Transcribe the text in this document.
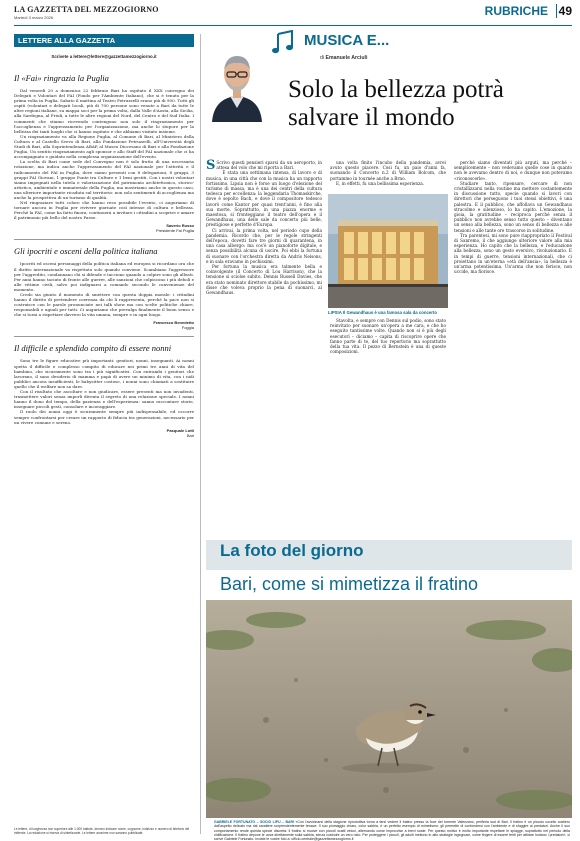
LA GAZZETTA DEL MEZZOGIORNO
Martedì 3 marzo 2026	RUBRICHE 49
LETTERE ALLA GAZZETTA
Scrivete a lettere@lettere@gazzettamezzogiorno.it
Il «Fai» ringrazia la Puglia

Dal venerdì 20 a domenica 22 febbraio Bari ha ospitato il XXX convegno dei Delegati e Volontari del FAI (Fondo per l'Ambiente Italiano), che si è tenuto per la prima volta in Puglia. Sabato il mattina al Teatro Petruzzelli erano più di 900. Tutti gli ospiti (volontari e delegati locali, più di 700 persone sono venute a Bari da tutte le altre regioni italiane, su mappa soci per la prima volta, dalla Valle d'Aosta, alla Sicilia, alla Sardegna, al Friuli, a tutte le altre regioni del Nord, del Centro e del Sud Italia. I commenti che stiamo ricevendo contengono non solo il ringraziamento per l'accoglienza e l'apprezzamento per l'organizzazione, ma anche lo stupore per la bellezza dei tanti luoghi che ci hanno ospitato e che abbiamo visitato insieme.

Un ringraziamento va alla Regione Puglia, al Comune di Bari, al Ministero della Cultura e al Castello Svevo di Bari, alla Fondazione Petruzzelli, all'Università degli Studi di Bari, alla Soprintendenza ABAP, al Museo Diocesano di Bari e alla Fondazione Puglia. Un sentito ringraziamento agli sponsor e allo Staff del FAI nazionale che ci ha accompagnato e guidato nella complessa organizzazione dell'evento.

La scelta di Bari come sede del Convegno non è solo frutto di una necessaria rotazione, ma indica anche l'apprezzamento del FAI nazionale per l'attività e il radicamento del FAI in Puglia, dove siamo presenti con 8 delegazioni, 8 gruppi, 3 gruppi FAI Giovani, 1 gruppo Ponte tra Culture e 1 beni gestiti. Con i nostri volontari siamo impegnati nella tutela e valorizzazione del patrimonio architettonico, storico-artistico, ambientale e immateriale della Puglia, ma mostriamo anche in questo caso, una ulteriore importante ricaduta sul territorio: non solo sentimenti di accoglienza ma anche la prospettiva di un turismo di qualità.

Nel ringraziare tutti coloro che hanno reso possibile l'evento, ci auguriamo di tornare ancora in Puglia per rivivere giornate così intense di cultura e bellezza. Perché la FAI, come ha fatto finora, continuerà a invitare i cittadini a scoprire e amare il patrimonio più bello del nostro Paese.

Saverio Russo
Presidente Fai Puglia
Gli ipocriti e osceni della politica italiana

Ipocriti ed osceni personaggi della politica italiana ed europea si ricordano ora che il diritto internazionale va rispettato solo quando conviene. Scambiano l'aggressore per l'aggredito, condannano chi si difende e tacciono quando a colpire sono gli alleati. Per anni hanno taciuto di fronte alle guerre, alle sanzioni che colpiscono i più deboli e alle vittime civili, salvo poi indignarsi a comando secondo le convenienze del momento.

Credo sia giunto il momento di smettere con questa doppia morale: i cittadini hanno il diritto di pretendere coerenza da chi li rappresenta, perché la pace non si costruisce con le parole pronunciate nei talk show ma con scelte politiche chiare, responsabili e uguali per tutti. Ci auguriamo che prevalga finalmente il buon senso e che si torni a rispettare davvero la vita umana, sempre e in ogni luogo.

Francesco Benedetto
Foggia
Il difficile e splendido compito di essere nonni

Sono tre le figure educative più importanti: genitori, nonni, insegnanti. Ai nonni spetta il difficile e complesso compito di educare nei primi tre anni di vita del bambino, che sicuramente sono tra i più significativi. Con entrambi i genitori che lavorano, il sano desiderio di mamma e papà di avere un minimo di vita, con i nidi pubblici ancora insufficienti, le babysitter costose, i nonni sono chiamati a sostituire quello che il welfare non sa dare.

Con il risultato che ascoltare e non giudicare, essere presenti ma non invadenti, trasmettere valori senza imporli diventa il segreto di una relazione speciale. I nonni hanno il dono del tempo, della pazienza e dell'esperienza: sanno raccontare storie, insegnare piccoli gesti, consolare e incoraggiare.

Il ruolo dei nonni oggi è sicuramente sempre più indispensabile, ed occorre sempre confrontarsi per creare un rapporto di fiducia tra generazioni, necessario per un vivere comune e sereno.

Pasquale Lotti
Bari
Le lettere, di lunghezza non superiore alle 1.000 battute, devono indicare nome, cognome, indirizzo e numero di telefono del mittente. La redazione si riserva di sintetizzarle. Le lettere anonime non saranno pubblicate.
MUSICA E...
di Emanuele Arciuli
Solo la bellezza potrà
salvare il mondo

S Scrivo questi pensieri sparsi da un aeroporto, in attesa del volo che mi riporta a Bari.

È stata una settimana intensa, di lavoro e di musica, in una città che con la musica ha un rapporto fortissimo. Lipsia non è forse un luogo d'elezione del turismo di massa, ma è una dei centri della cultura tedesca per eccellenza: la leggendaria Thomaskirche, dove è sepolto Bach, e dove il compositore tedesco lavorò come Kantor per quasi trent'anni, è fino alla sua morte. Soprattutto, in una piazza enorme e maestosa, si fronteggiano il teatro dell'opera e il Gewandhaus, una delle sale da concerto più belle, prestigiose e perfette d'Europa.

Ci arrivai, la prima volta, nel periodo cupo della pandemia. Ricordo che, per le regole stringenti dell'epoca, dovetti fare tre giorni di quarantena, in una casa albergo: ma cos'è un pianoforte digitale, e senza possibilità alcuna di uscire. Poi ebbi la fortuna di suonare con l'orchestra diretta da Andris Nelsons, e in sala eravamo in pochissimi.

Per fortuna la musica era talmente bella e coinvolgente (il Concerto di Lou Harrison), che la tensione si sciolse subito. Dennis Russell Davies, che era stato nominato direttore stabile da pochissimo, mi disse che voleva proprio la pena di suonarci, al Gewandhaus.

una volta finito l'incubo della pandemia, avrei avuto questo piacere. Così fu, un paio d'anni fa, suonando il Concerto n.2 di William Bolcom, che portammo in tournée anche a Brno.

E, in effetti, fu una bellissima esperienza.

LIPSIA Il Gewandhaus è una famosa sala da concerto

Stavolta, e sempre con Dennis sul podio, sono stato reinvitato per suonare un'opera a me cara, e che ho eseguito tantissime volte. Quando non si è più degli esecutori – diciamo – capita di riscoprire opere che fanno parte di te, del tuo repertorio ma soprattutto della tua vita. Il pezzo di Bernstein è una di queste composizioni.

perché siamo diventati più arguti, ma perché – semplicemente – non vedevamo quelle cose in quanto non le avevamo dentro di noi, e dunque non potevamo «riconoscerle».

Studiare tanto, ripensare, cercare di non cristallizzarsi nella routine ma mettere costantemente in discussione tutto, specie quando si lavori con direttori che perseguono i tuoi stessi obiettivi, è una palestra. E il pubblico, che affollava un Gewandhaus stracolmo e silenzioso, lo ha capito. L'emozione, la gioia, la gratitudine – reciproca perché senza il pubblico non avrebbe senso tutto questo – diventano un senso alla bellezza, sono un senso di bellezza e alle tensioni e alle tante ore trascorse in solitudine.

Tra parentesi, mi sono pure riappropriato il Festival di Sanremo, il che aggiunge ulteriore valore alla mia esperienza. Ho capito che la bellezza, e l'educazione alla bellezza, sono un gesto eversivo, rivoluzionario. E in tempi di guerre, tensioni internazionali, che ci proiettano in un'eterna «età dell'ansia», la bellezza è un'arma potentissima. Un'arma che non ferisce, non uccide, ma fiorisce.

La foto del giorno
Bari, come si mimetizza il fratino
GABRIELE FORTUNATO – SOCIO LIPU – BARI «Con l'avvicinarsi della stagione riproduttiva torna a farsi vedere il fratino presso la foce del torrente Valenzano, periferia sud di Bari. Il fratino è un piccolo uccello costiero dall'aspetto delicato ma dal carattere sorprendentemente tenace. Il suo piumaggio chiaro, color sabbia, è un perfetto esempio di mimetismo: gli permette di confondersi con l'ambiente e di sfuggire ai predatori. Anche il suo comportamento rende questa specie discreta: il fratino si muove con piccoli scatti veloci, alternando corse improvvise a brevi soste. Per questo motivo è molto importante rispettare le spiagge, soprattutto nel periodo della nidificazione. Il fratino depone le uova direttamente sulla sabbia, senza costruire un vero nido. Per proteggere i piccoli, gli adulti mettono in atto strategie ingegnose, come fingere di essere feriti per attirare lontano i predatori», ci scrive Gabriele Fortunato. Inviate le vostre foto a: ufficio.centrale@gazzettamezzogiorno.it
